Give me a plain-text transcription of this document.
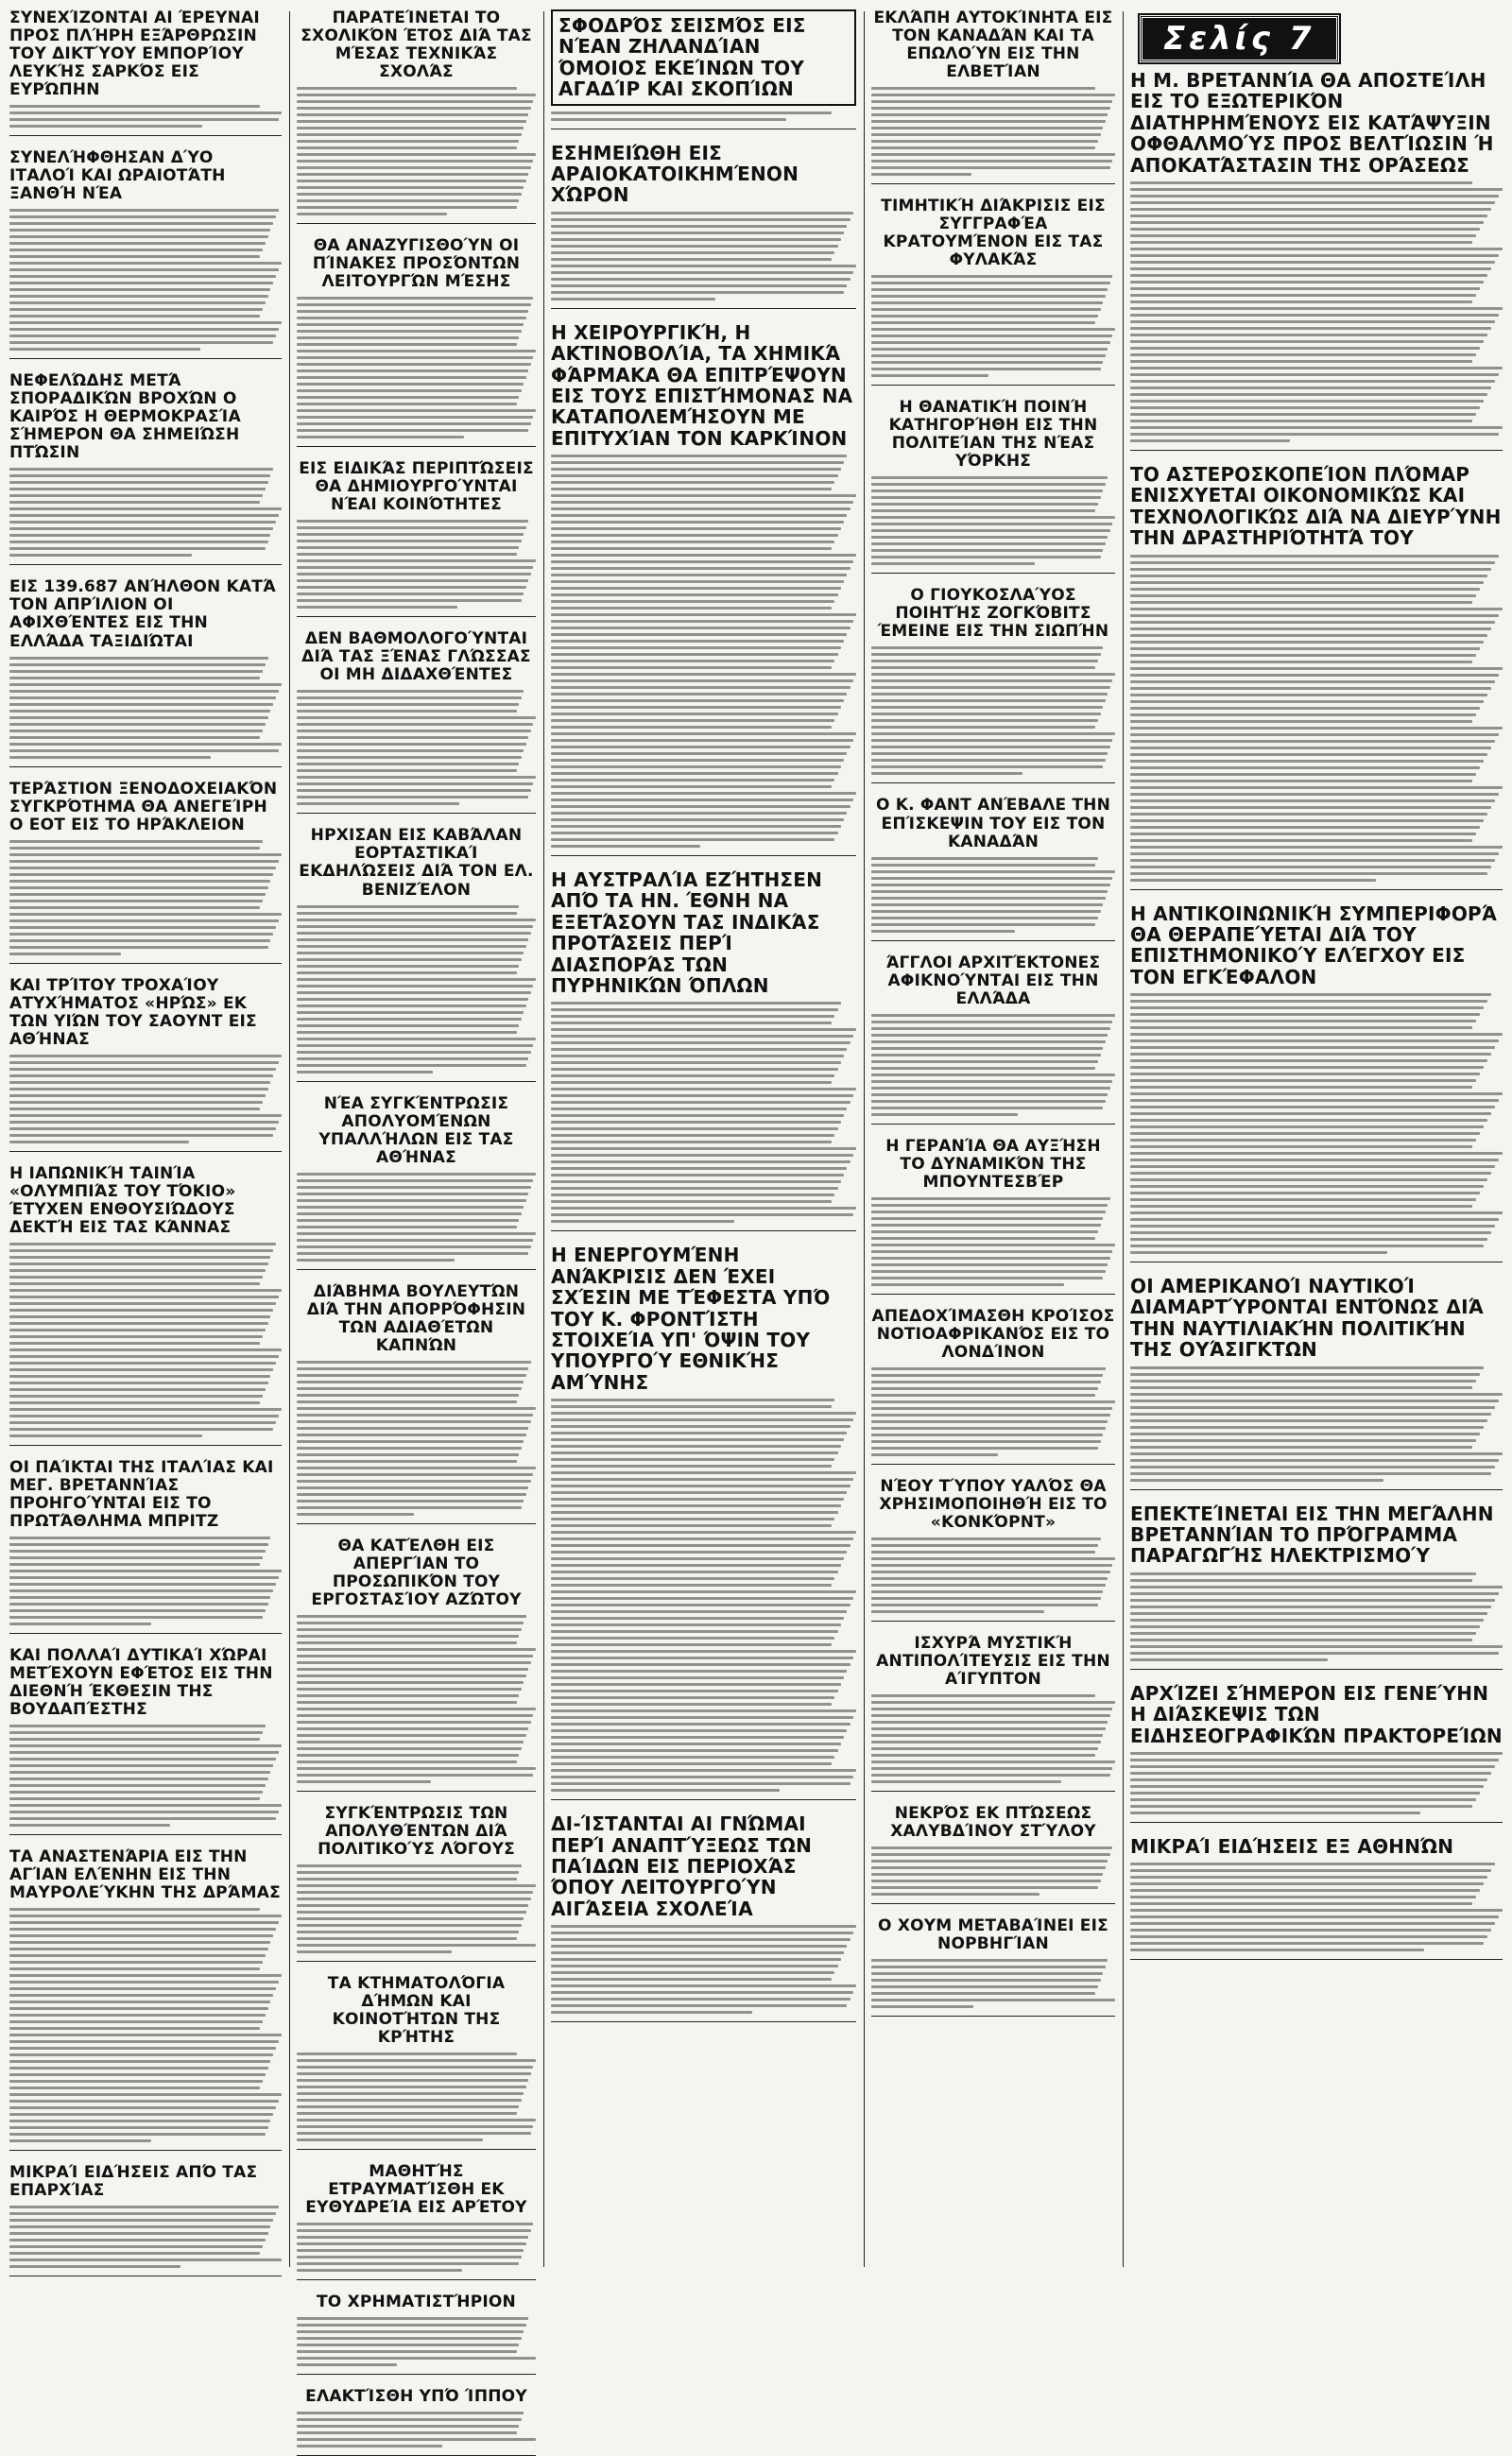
ΣΥΝΕΧΊΖΟΝΤΑΙ ΑΙ ΈΡΕΥΝΑΙ ΠΡΟΣ ΠΛΉΡΗ ΕΞΆΡΘΡΩΣΙΝ ΤΟΥ ΔΙΚΤΎΟΥ ΕΜΠΟΡΊΟΥ ΛΕΥΚΉΣ ΣΑΡΚΌΣ ΕΙΣ ΕΥΡΏΠΗΝ
ΣΥΝΕΛΉΦΘΗΣΑΝ ΔΎΟ ΙΤΑΛΟΊ ΚΑΙ ΩΡΑΙΟΤΆΤΗ ΞΑΝΘΉ ΝΈΑ
ΝΕΦΕΛΏΔΗΣ ΜΕΤΆ ΣΠΟΡΑΔΙΚΏΝ ΒΡΟΧΏΝ Ο ΚΑΙΡΌΣ Η ΘΕΡΜΟΚΡΑΣΊΑ ΣΉΜΕΡΟΝ ΘΑ ΣΗΜΕΙΏΣΗ ΠΤΏΣΙΝ
ΕΙΣ 139.687 ΑΝΉΛΘΟΝ ΚΑΤΆ ΤΟΝ ΑΠΡΊΛΙΟΝ ΟΙ ΑΦΙΧΘΈΝΤΕΣ ΕΙΣ ΤΗΝ ΕΛΛΆΔΑ ΤΑΞΙΔΙΏΤΑΙ
ΤΕΡΆΣΤΙΟΝ ΞΕΝΟΔΟΧΕΙΑΚΌΝ ΣΥΓΚΡΌΤΗΜΑ ΘΑ ΑΝΕΓΕΊΡΗ Ο ΕΟΤ ΕΙΣ ΤΟ ΗΡΆΚΛΕΙΟΝ
ΚΑΙ ΤΡΊΤΟΥ ΤΡΟΧΑΊΟΥ ΑΤΥΧΉΜΑΤΟΣ «ΗΡΏΣ» ΕΚ ΤΩΝ ΥΙΏΝ ΤΟΥ ΣΑΟΥΝΤ ΕΙΣ ΑΘΉΝΑΣ
Η ΙΑΠΩΝΙΚΉ ΤΑΙΝΊΑ «ΟΛΥΜΠΙΆΣ ΤΟΥ ΤΌΚΙΟ» ΈΤΥΧΕΝ ΕΝΘΟΥΣΙΏΔΟΥΣ ΔΕΚΤΉ ΕΙΣ ΤΑΣ ΚΆΝΝΑΣ
ΟΙ ΠΑΊΚΤΑΙ ΤΗΣ ΙΤΑΛΊΑΣ ΚΑΙ ΜΕΓ. ΒΡΕΤΑΝΝΊΑΣ ΠΡΟΗΓΟΎΝΤΑΙ ΕΙΣ ΤΟ ΠΡΩΤΆΘΛΗΜΑ ΜΠΡΙΤΖ
ΚΑΙ ΠΟΛΛΑΊ ΔΥΤΙΚΑΊ ΧΏΡΑΙ ΜΕΤΈΧΟΥΝ ΕΦΈΤΟΣ ΕΙΣ ΤΗΝ ΔΙΕΘΝΉ ΈΚΘΕΣΙΝ ΤΗΣ ΒΟΥΔΑΠΈΣΤΗΣ
ΤΑ ΑΝΑΣΤΕΝΆΡΙΑ ΕΙΣ ΤΗΝ ΑΓΊΑΝ ΕΛΈΝΗΝ ΕΙΣ ΤΗΝ ΜΑΥΡΟΛΕΎΚΗΝ ΤΗΣ ΔΡΆΜΑΣ
ΜΙΚΡΑΊ ΕΙΔΉΣΕΙΣ ΑΠΌ ΤΑΣ ΕΠΑΡΧΊΑΣ
ΠΑΡΑΤΕΊΝΕΤΑΙ ΤΟ ΣΧΟΛΙΚΌΝ ΈΤΟΣ ΔΙΆ ΤΑΣ ΜΈΣΑΣ ΤΕΧΝΙΚΆΣ ΣΧΟΛΆΣ
ΘΑ ΑΝΑΖΥΓΙΣΘΟΎΝ ΟΙ ΠΊΝΑΚΕΣ ΠΡΟΣΌΝΤΩΝ ΛΕΙΤΟΥΡΓΏΝ ΜΈΣΗΣ
ΕΙΣ ΕΙΔΙΚΆΣ ΠΕΡΙΠΤΏΣΕΙΣ ΘΑ ΔΗΜΙΟΥΡΓΟΎΝΤΑΙ ΝΈΑΙ ΚΟΙΝΌΤΗΤΕΣ
ΔΕΝ ΒΑΘΜΟΛΟΓΟΎΝΤΑΙ ΔΙΆ ΤΑΣ ΞΈΝΑΣ ΓΛΏΣΣΑΣ ΟΙ ΜΗ ΔΙΔΑΧΘΈΝΤΕΣ
ΗΡΧΙΣΑΝ ΕΙΣ ΚΑΒΆΛΑΝ ΕΟΡΤΑΣΤΙΚΑΊ ΕΚΔΗΛΏΣΕΙΣ ΔΙΆ ΤΟΝ ΕΛ. ΒΕΝΙΖΈΛΟΝ
ΝΈΑ ΣΥΓΚΈΝΤΡΩΣΙΣ ΑΠΟΛΥΟΜΈΝΩΝ ΥΠΑΛΛΉΛΩΝ ΕΙΣ ΤΑΣ ΑΘΉΝΑΣ
ΔΙΆΒΗΜΑ ΒΟΥΛΕΥΤΏΝ ΔΙΆ ΤΗΝ ΑΠΟΡΡΌΦΗΣΙΝ ΤΩΝ ΑΔΙΑΘΈΤΩΝ ΚΑΠΝΏΝ
ΘΑ ΚΑΤΈΛΘΗ ΕΙΣ ΑΠΕΡΓΊΑΝ ΤΟ ΠΡΟΣΩΠΙΚΌΝ ΤΟΥ ΕΡΓΟΣΤΑΣΊΟΥ ΑΖΏΤΟΥ
ΣΥΓΚΈΝΤΡΩΣΙΣ ΤΩΝ ΑΠΟΛΥΘΈΝΤΩΝ ΔΙΆ ΠΟΛΙΤΙΚΟΎΣ ΛΌΓΟΥΣ
ΤΑ ΚΤΗΜΑΤΟΛΌΓΙΑ ΔΉΜΩΝ ΚΑΙ ΚΟΙΝΟΤΉΤΩΝ ΤΗΣ ΚΡΉΤΗΣ
ΜΑΘΗΤΉΣ ΕΤΡΑΥΜΑΤΊΣΘΗ ΕΚ ΕΥΘΥΔΡΕΊΑ ΕΙΣ ΑΡΈΤΟΥ
ΤΟ ΧΡΗΜΑΤΙΣΤΉΡΙΟΝ
ΕΛΑΚΤΊΣΘΗ ΥΠΌ ΊΠΠΟΥ
ΣΦΟΔΡΌΣ ΣΕΙΣΜΌΣ ΕΙΣ ΝΈΑΝ ΖΗΛΑΝΔΊΑΝ ΌΜΟΙΟΣ ΕΚΕΊΝΩΝ ΤΟΥ ΑΓΑΔΊΡ ΚΑΙ ΣΚΟΠΊΩΝ
ΕΣΗΜΕΙΏΘΗ ΕΙΣ ΑΡΑΙΟΚΑΤΟΙΚΗΜΈΝΟΝ ΧΏΡΟΝ
Η ΧΕΙΡΟΥΡΓΙΚΉ, Η ΑΚΤΙΝΟΒΟΛΊΑ, ΤΑ ΧΗΜΙΚΆ ΦΆΡΜΑΚΑ ΘΑ ΕΠΙΤΡΈΨΟΥΝ ΕΙΣ ΤΟΥΣ ΕΠΙΣΤΉΜΟΝΑΣ ΝΑ ΚΑΤΑΠΟΛΕΜΉΣΟΥΝ ΜΕ ΕΠΙΤΥΧΊΑΝ ΤΟΝ ΚΑΡΚΊΝΟΝ
Η ΑΥΣΤΡΑΛΊΑ ΕΖΉΤΗΣΕΝ ΑΠΌ ΤΑ ΗΝ. ΈΘΝΗ ΝΑ ΕΞΕΤΆΣΟΥΝ ΤΑΣ ΙΝΔΙΚΆΣ ΠΡΟΤΆΣΕΙΣ ΠΕΡΊ ΔΙΑΣΠΟΡΆΣ ΤΩΝ ΠΥΡΗΝΙΚΏΝ ΌΠΛΩΝ
Η ΕΝΕΡΓΟΥΜΈΝΗ ΑΝΆΚΡΙΣΙΣ ΔΕΝ ΈΧΕΙ ΣΧΈΣΙΝ ΜΕ ΤΈΦΕΣΤΑ ΥΠΌ ΤΟΥ Κ. ΦΡΟΝΤΊΣΤΗ ΣΤΟΙΧΕΊΑ ΥΠ' ΌΨΙΝ ΤΟΥ ΥΠΟΥΡΓΟΎ ΕΘΝΙΚΉΣ ΑΜΎΝΗΣ
ΔΙ-ΊΣΤΑΝΤΑΙ ΑΙ ΓΝΏΜΑΙ ΠΕΡΊ ΑΝΑΠΤΎΞΕΩΣ ΤΩΝ ΠΑΊΔΩΝ ΕΙΣ ΠΕΡΙΟΧΆΣ ΌΠΟΥ ΛΕΙΤΟΥΡΓΟΎΝ ΑΙΓΆΣΕΙΑ ΣΧΟΛΕΊΑ
ΕΚΛΆΠΗ ΑΥΤΟΚΊΝΗΤΑ ΕΙΣ ΤΟΝ ΚΑΝΑΔΆΝ ΚΑΙ ΤΑ ΕΠΩΛΟΎΝ ΕΙΣ ΤΗΝ ΕΛΒΕΤΊΑΝ
ΤΙΜΗΤΙΚΉ ΔΙΆΚΡΙΣΙΣ ΕΙΣ ΣΥΓΓΡΑΦΈΑ ΚΡΑΤΟΥΜΈΝΟΝ ΕΙΣ ΤΑΣ ΦΥΛΑΚΆΣ
Η ΘΑΝΑΤΙΚΉ ΠΟΙΝΉ ΚΑΤΗΓΟΡΉΘΗ ΕΙΣ ΤΗΝ ΠΟΛΙΤΕΊΑΝ ΤΗΣ ΝΈΑΣ ΥΌΡΚΗΣ
Ο ΓΙΟΥΚΟΣΛΑΎΟΣ ΠΟΙΗΤΉΣ ΖΟΓΚΌΒΙΤΣ ΈΜΕΙΝΕ ΕΙΣ ΤΗΝ ΣΙΩΠΉΝ
Ο Κ. ΦΑΝΤ ΑΝΈΒΑΛΕ ΤΗΝ ΕΠΊΣΚΕΨΙΝ ΤΟΥ ΕΙΣ ΤΟΝ ΚΑΝΑΔΆΝ
ΆΓΓΛΟΙ ΑΡΧΙΤΈΚΤΟΝΕΣ ΑΦΙΚΝΟΎΝΤΑΙ ΕΙΣ ΤΗΝ ΕΛΛΆΔΑ
Η ΓΕΡΑΝΊΑ ΘΑ ΑΥΞΉΣΗ ΤΟ ΔΥΝΑΜΙΚΌΝ ΤΗΣ ΜΠΟΥΝΤΕΣΒΈΡ
ΑΠΕΔΟΧΊΜΑΣΘΗ ΚΡΟΊΣΟΣ ΝΟΤΙΟΑΦΡΙΚΑΝΌΣ ΕΙΣ ΤΟ ΛΟΝΔΊΝΟΝ
ΝΈΟΥ ΤΎΠΟΥ ΥΑΛΌΣ ΘΑ ΧΡΗΣΙΜΟΠΟΙΗΘΉ ΕΙΣ ΤΟ «ΚΟΝΚΌΡΝΤ»
ΙΣΧΥΡΆ ΜΥΣΤΙΚΉ ΑΝΤΙΠΟΛΊΤΕΥΣΙΣ ΕΙΣ ΤΗΝ ΑΊΓΥΠΤΟΝ
ΝΕΚΡΌΣ ΕΚ ΠΤΏΣΕΩΣ ΧΑΛΥΒΔΊΝΟΥ ΣΤΎΛΟΥ
Ο ΧΟΥΜ ΜΕΤΑΒΑΊΝΕΙ ΕΙΣ ΝΟΡΒΗΓΊΑΝ
Σελίς 7
Η Μ. ΒΡΕΤΑΝΝΊΑ ΘΑ ΑΠΟΣΤΕΊΛΗ ΕΙΣ ΤΟ ΕΞΩΤΕΡΙΚΌΝ ΔΙΑΤΗΡΗΜΈΝΟΥΣ ΕΙΣ ΚΑΤΆΨΥΞΙΝ ΟΦΘΑΛΜΟΎΣ ΠΡΟΣ ΒΕΛΤΊΩΣΙΝ Ή ΑΠΟΚΑΤΆΣΤΑΣΙΝ ΤΗΣ ΟΡΆΣΕΩΣ
ΤΟ ΑΣΤΕΡΟΣΚΟΠΕΊΟΝ ΠΛΌΜΑΡ ΕΝΙΣΧΥΕΤΑΙ ΟΙΚΟΝΟΜΙΚΏΣ ΚΑΙ ΤΕΧΝΟΛΟΓΙΚΏΣ ΔΙΆ ΝΑ ΔΙΕΥΡΎΝΗ ΤΗΝ ΔΡΑΣΤΗΡΙΌΤΗΤΆ ΤΟΥ
Η ΑΝΤΙΚΟΙΝΩΝΙΚΉ ΣΥΜΠΕΡΙΦΟΡΆ ΘΑ ΘΕΡΑΠΕΎΕΤΑΙ ΔΙΆ ΤΟΥ ΕΠΙΣΤΗΜΟΝΙΚΟΎ ΕΛΈΓΧΟΥ ΕΙΣ ΤΟΝ ΕΓΚΈΦΑΛΟΝ
ΟΙ ΑΜΕΡΙΚΑΝΟΊ ΝΑΥΤΙΚΟΊ ΔΙΑΜΑΡΤΎΡΟΝΤΑΙ ΕΝΤΌΝΩΣ ΔΙΆ ΤΗΝ ΝΑΥΤΙΛΙΑΚΉΝ ΠΟΛΙΤΙΚΉΝ ΤΗΣ ΟΥΆΣΙΓΚΤΩΝ
ΕΠΕΚΤΕΊΝΕΤΑΙ ΕΙΣ ΤΗΝ ΜΕΓΆΛΗΝ ΒΡΕΤΑΝΝΊΑΝ ΤΟ ΠΡΌΓΡΑΜΜΑ ΠΑΡΑΓΩΓΉΣ ΗΛΕΚΤΡΙΣΜΟΎ
ΑΡΧΊΖΕΙ ΣΉΜΕΡΟΝ ΕΙΣ ΓΕΝΕΎΗΝ Η ΔΙΆΣΚΕΨΙΣ ΤΩΝ ΕΙΔΗΣΕΟΓΡΑΦΙΚΏΝ ΠΡΑΚΤΟΡΕΊΩΝ
ΜΙΚΡΑΊ ΕΙΔΉΣΕΙΣ ΕΞ ΑΘΗΝΏΝ
